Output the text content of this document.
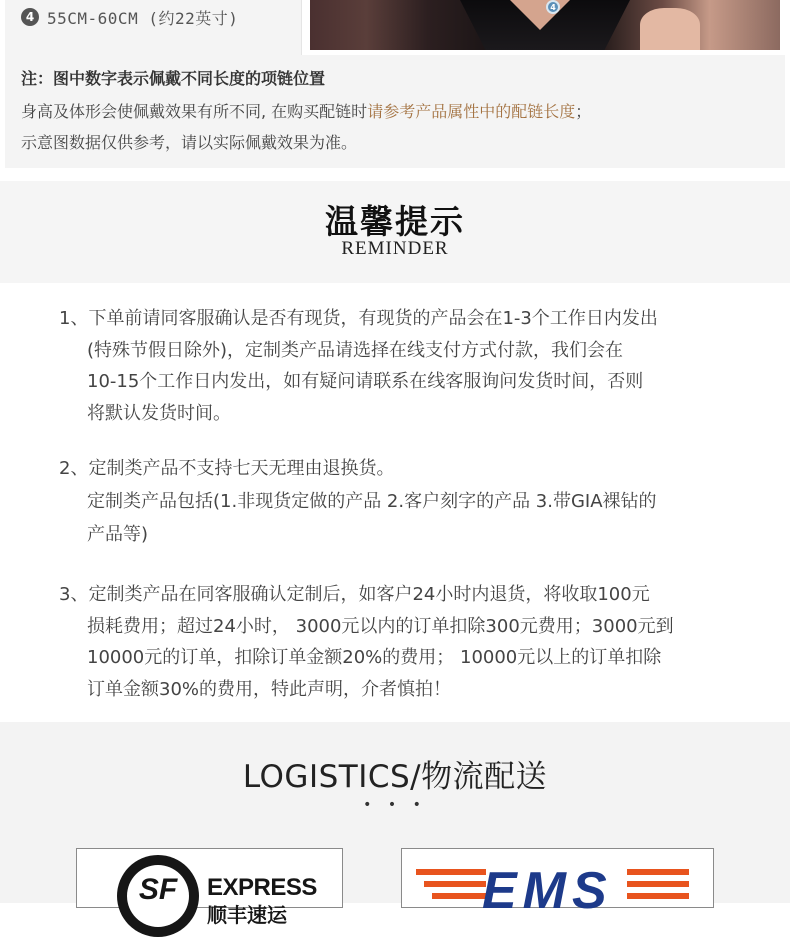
4 55CM-60CM (约22英寸)
4
注：图中数字表示佩戴不同长度的项链位置
身高及体形会使佩戴效果有所不同, 在购买配链时请参考产品属性中的配链长度；
示意图数据仅供参考，请以实际佩戴效果为准。
温馨提示
REMINDER

1、下单前请同客服确认是否有现货，有现货的产品会在1-3个工作日内发出

(特殊节假日除外)，定制类产品请选择在线支付方式付款，我们会在

10-15个工作日内发出，如有疑问请联系在线客服询问发货时间，否则

将默认发货时间。

2、定制类产品不支持七天无理由退换货。

定制类产品包括(1.非现货定做的产品 2.客户刻字的产品 3.带GIA裸钻的

产品等)

3、定制类产品在同客服确认定制后，如客户24小时内退货，将收取100元

损耗费用；超过24小时， 3000元以内的订单扣除300元费用；3000元到

10000元的订单，扣除订单金额20%的费用； 10000元以上的订单扣除

订单金额30%的费用，特此声明，介者慎拍！

LOGISTICS/物流配送
• • •
SF	EXPRESS
顺丰速运	EMS
